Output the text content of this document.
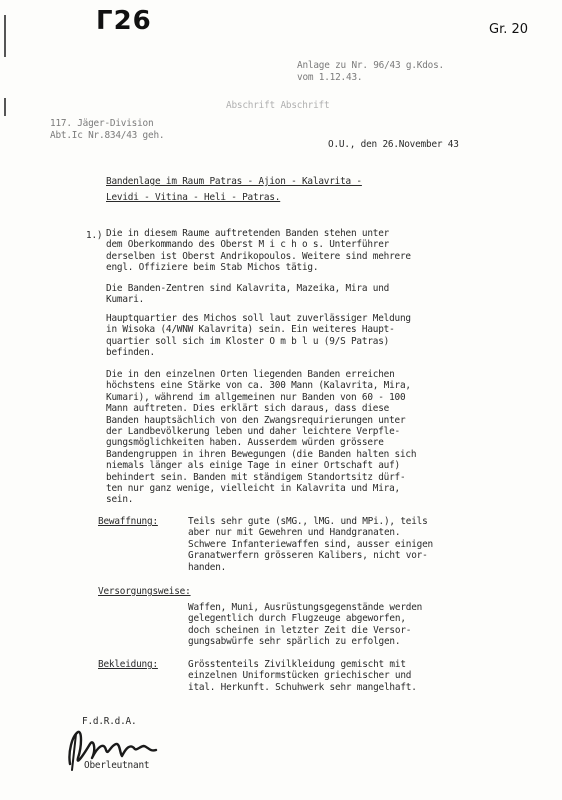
Γ26	Gr. 20
Anlage zu Nr. 96/43 g.Kdos.
vom 1.12.43.
Abschrift Abschrift
117. Jäger-Division
Abt.Ic Nr.834/43 geh.
O.U., den 26.November 43
Bandenlage im Raum Patras - Ajion - Kalavrita -
Levidi - Vitina - Heli - Patras.
1.) Die in diesem Raume auftretenden Banden stehen unter
dem Oberkommando des Oberst M i c h o s. Unterführer
derselben ist Oberst Andrikopoulos. Weitere sind mehrere
engl. Offiziere beim Stab Michos tätig.
Die Banden-Zentren sind Kalavrita, Mazeika, Mira und
Kumari.
Hauptquartier des Michos soll laut zuverlässiger Meldung
in Wisoka (4/WNW Kalavrita) sein. Ein weiteres Haupt-
quartier soll sich im Kloster O m b l u (9/S Patras)
befinden.
Die in den einzelnen Orten liegenden Banden erreichen
höchstens eine Stärke von ca. 300 Mann (Kalavrita, Mira,
Kumari), während im allgemeinen nur Banden von 60 - 100
Mann auftreten. Dies erklärt sich daraus, dass diese
Banden hauptsächlich von den Zwangsrequirierungen unter
der Landbevölkerung leben und daher leichtere Verpfle-
gungsmöglichkeiten haben. Ausserdem würden grössere
Bandengruppen in ihren Bewegungen (die Banden halten sich
niemals länger als einige Tage in einer Ortschaft auf)
behindert sein. Banden mit ständigem Standortsitz dürf-
ten nur ganz wenige, vielleicht in Kalavrita und Mira,
sein.
Bewaffnung:	Teils sehr gute (sMG., lMG. und MPi.), teils
aber nur mit Gewehren und Handgranaten.
Schwere Infanteriewaffen sind, ausser einigen
Granatwerfern grösseren Kalibers, nicht vor-
handen.
Versorgungsweise:
Waffen, Muni, Ausrüstungsgegenstände werden
gelegentlich durch Flugzeuge abgeworfen,
doch scheinen in letzter Zeit die Versor-
gungsabwürfe sehr spärlich zu erfolgen.
Bekleidung:	Grösstenteils Zivilkleidung gemischt mit
einzelnen Uniformstücken griechischer und
ital. Herkunft. Schuhwerk sehr mangelhaft.
F.d.R.d.A.
Oberleutnant
